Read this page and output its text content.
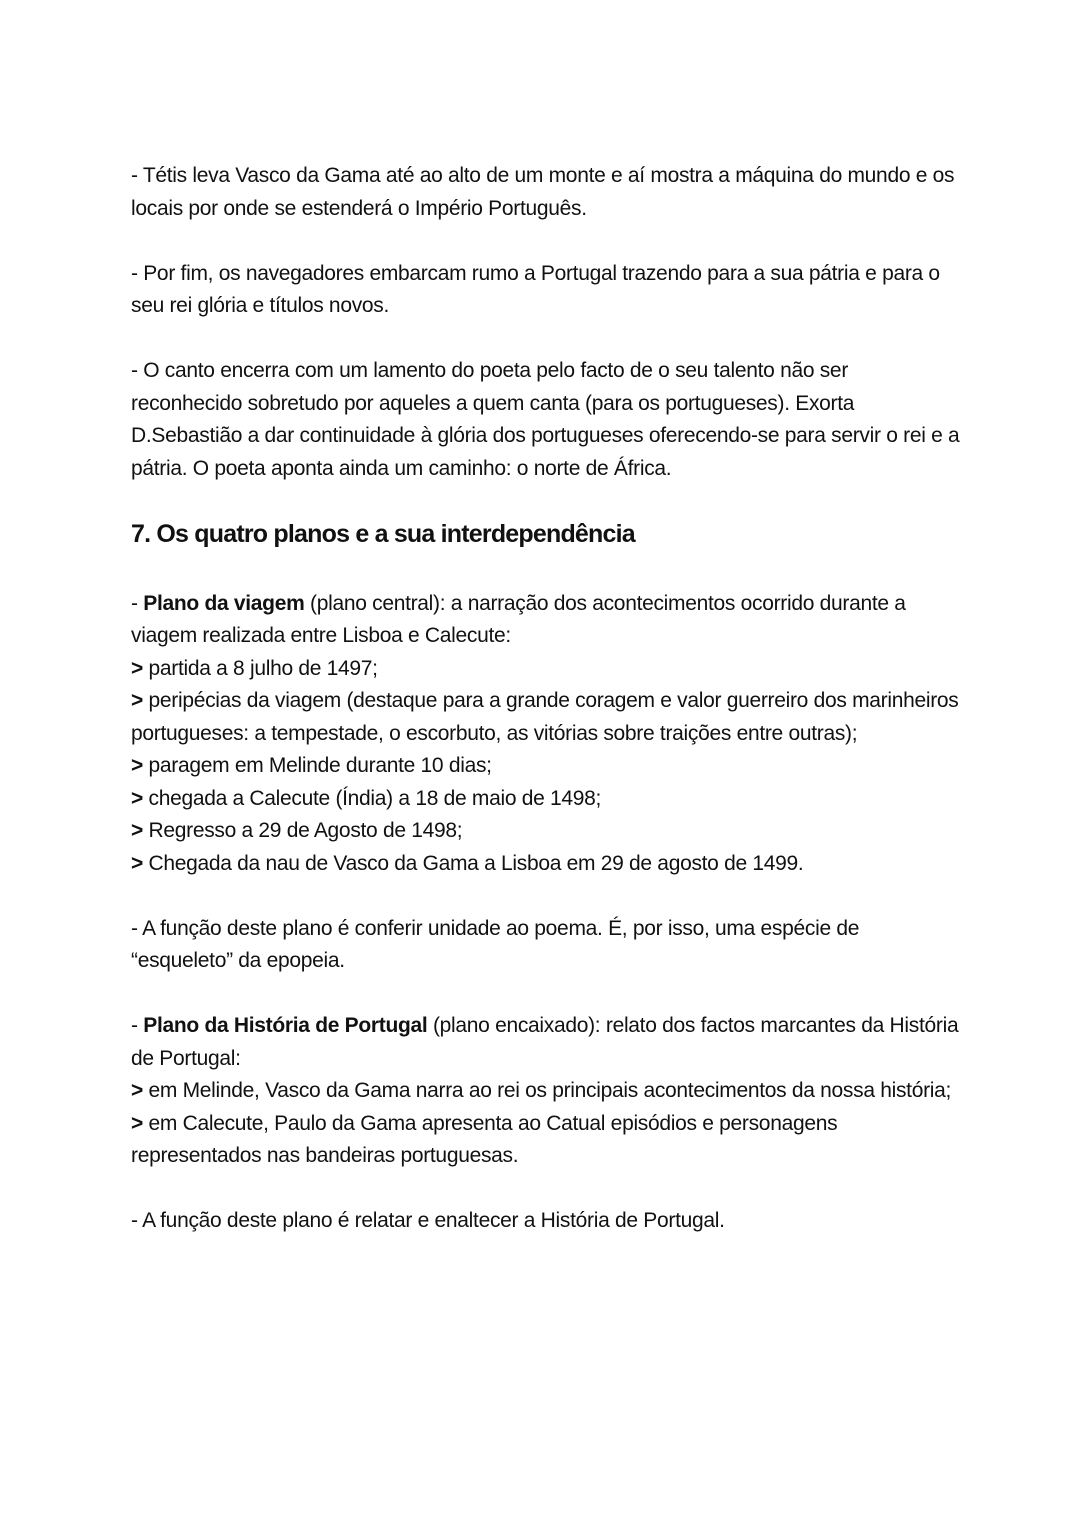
- Tétis leva Vasco da Gama até ao alto de um monte e aí mostra a máquina do mundo e os locais por onde se estenderá o Império Português.

- Por fim, os navegadores embarcam rumo a Portugal trazendo para a sua pátria e para o seu rei glória e títulos novos.

- O canto encerra com um lamento do poeta pelo facto de o seu talento não ser reconhecido sobretudo por aqueles a quem canta (para os portugueses). Exorta D.Sebastião a dar continuidade à glória dos portugueses oferecendo-se para servir o rei e a pátria. O poeta aponta ainda um caminho: o norte de África.

7. Os quatro planos e a sua interdependência
- Plano da viagem (plano central): a narração dos acontecimentos ocorrido durante a viagem realizada entre Lisboa e Calecute:
> partida a 8 julho de 1497;
> peripécias da viagem (destaque para a grande coragem e valor guerreiro dos marinheiros portugueses: a tempestade, o escorbuto, as vitórias sobre traições entre outras);
> paragem em Melinde durante 10 dias;
> chegada a Calecute (Índia) a 18 de maio de 1498;
> Regresso a 29 de Agosto de 1498;
> Chegada da nau de Vasco da Gama a Lisboa em 29 de agosto de 1499.

- A função deste plano é conferir unidade ao poema. É, por isso, uma espécie de “esqueleto” da epopeia.

- Plano da História de Portugal (plano encaixado): relato dos factos marcantes da História de Portugal:
> em Melinde, Vasco da Gama narra ao rei os principais acontecimentos da nossa história;
> em Calecute, Paulo da Gama apresenta ao Catual episódios e personagens representados nas bandeiras portuguesas.

- A função deste plano é relatar e enaltecer a História de Portugal.
